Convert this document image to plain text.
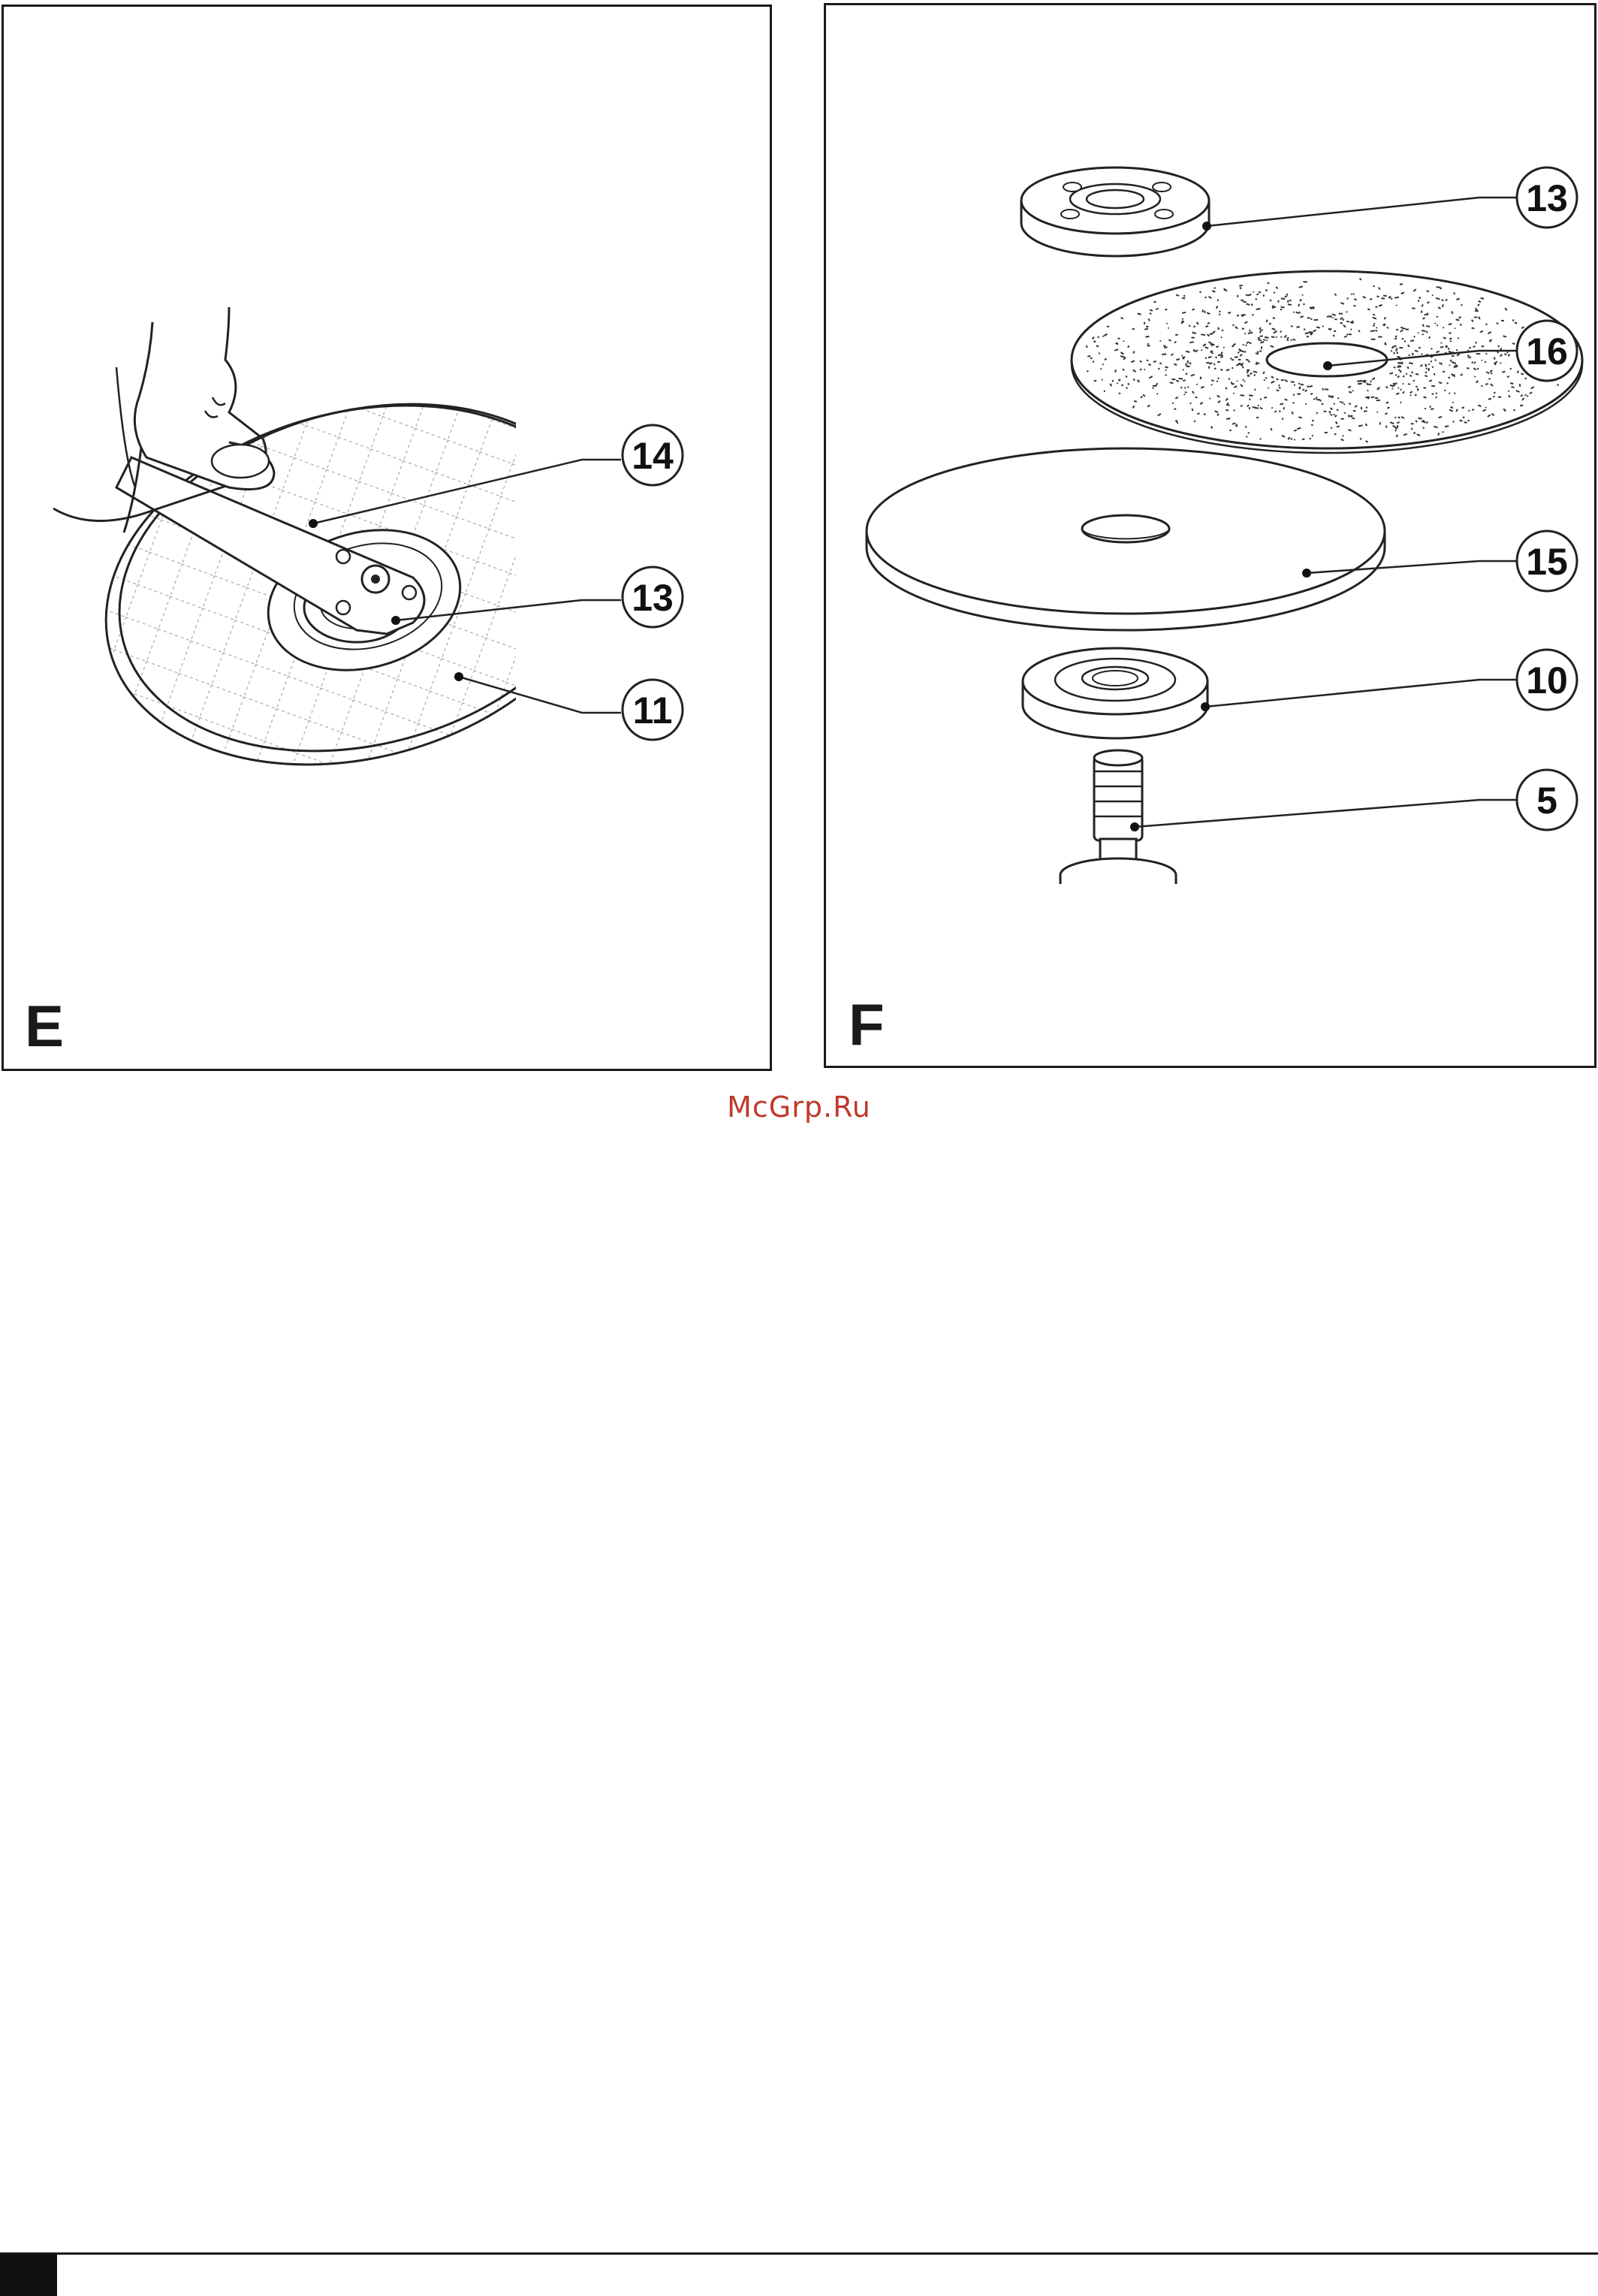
14
13
11
E
13
16
15
10
5
F
McGrp.Ru
